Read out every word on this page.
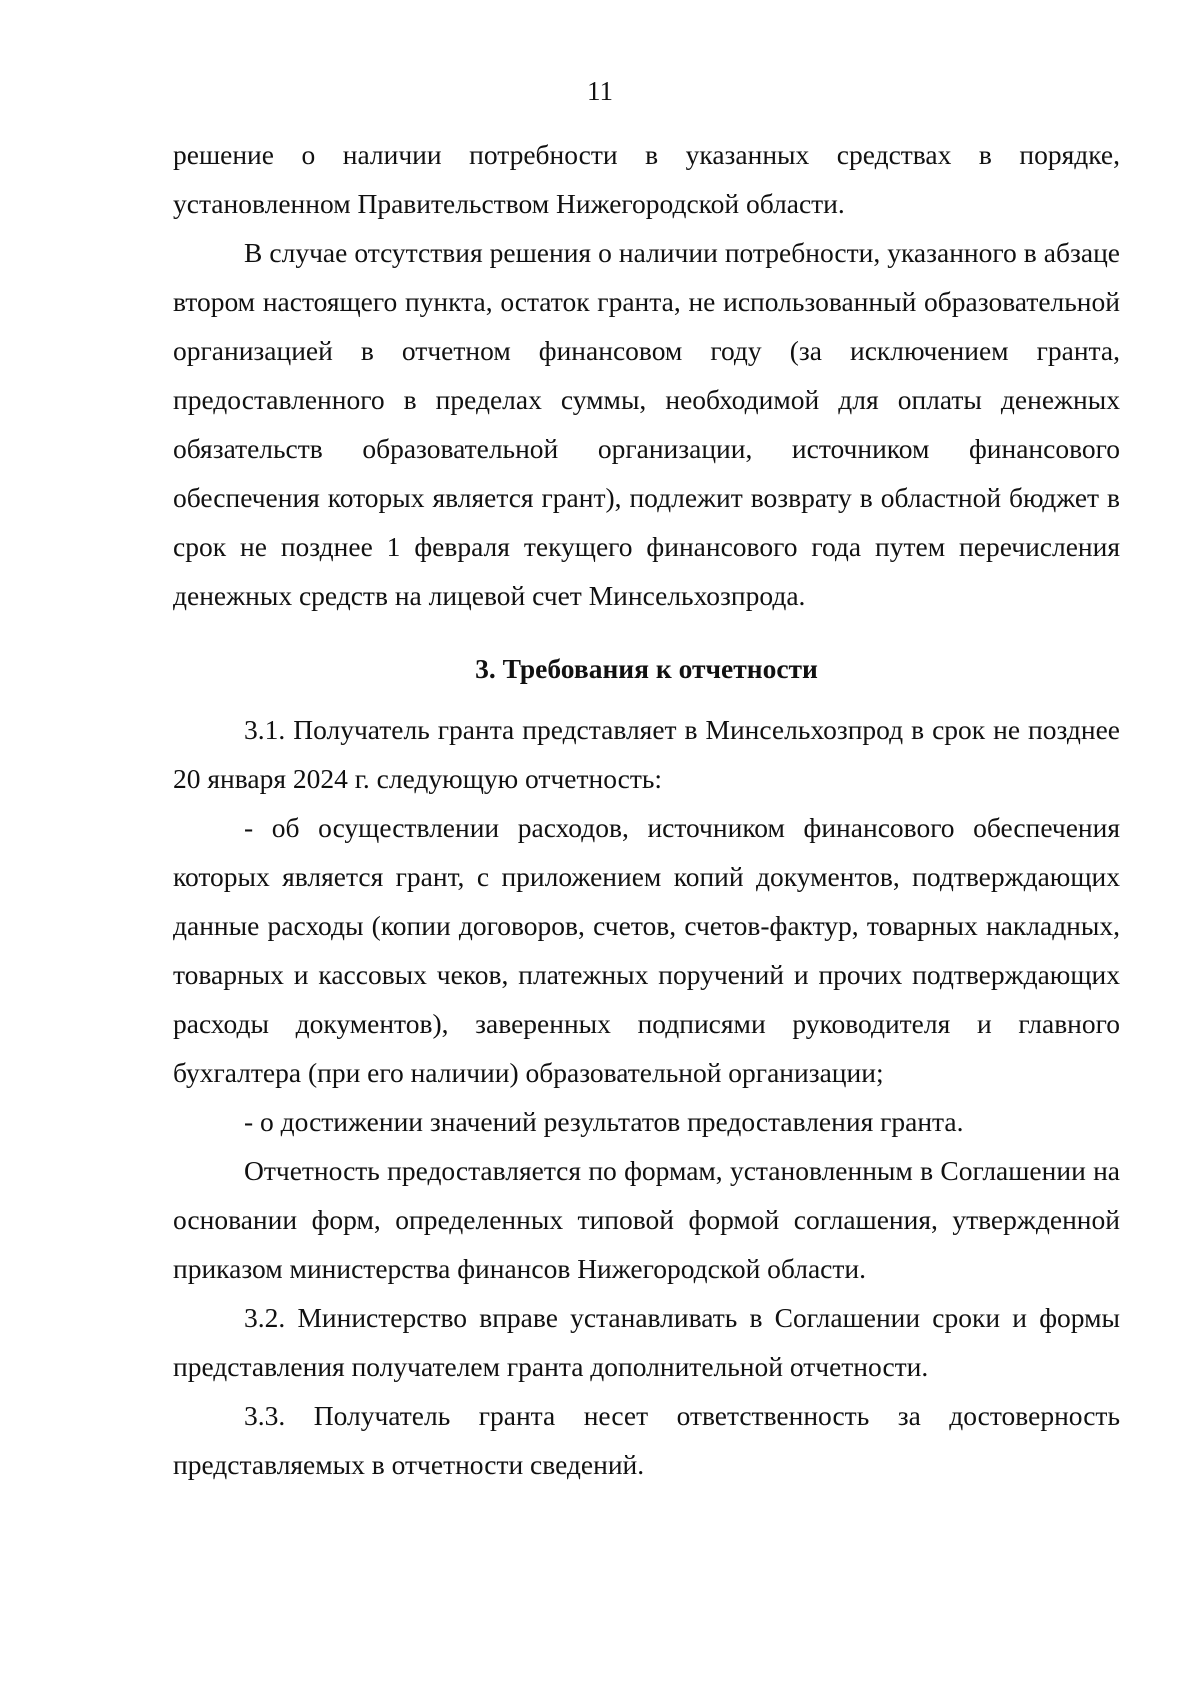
11

решение о наличии потребности в указанных средствах в порядке, установленном Правительством Нижегородской области.

В случае отсутствия решения о наличии потребности, указанного в абзаце втором настоящего пункта, остаток гранта, не использованный образовательной организацией в отчетном финансовом году (за исключением гранта, предоставленного в пределах суммы, необходимой для оплаты денежных обязательств образовательной организации, источником финансового обеспечения которых является грант), подлежит возврату в областной бюджет в срок не позднее 1 февраля текущего финансового года путем перечисления денежных средств на лицевой счет Минсельхозпрода.

3. Требования к отчетности

3.1. Получатель гранта представляет в Минсельхозпрод в срок не позднее 20 января 2024 г. следующую отчетность:

- об осуществлении расходов, источником финансового обеспечения которых является грант, с приложением копий документов, подтверждающих данные расходы (копии договоров, счетов, счетов-фактур, товарных накладных, товарных и кассовых чеков, платежных поручений и прочих подтверждающих расходы документов), заверенных подписями руководителя и главного бухгалтера (при его наличии) образовательной организации;

- о достижении значений результатов предоставления гранта.

Отчетность предоставляется по формам, установленным в Соглашении на основании форм, определенных типовой формой соглашения, утвержденной приказом министерства финансов Нижегородской области.

3.2. Министерство вправе устанавливать в Соглашении сроки и формы представления получателем гранта дополнительной отчетности.

3.3. Получатель гранта несет ответственность за достоверность представляемых в отчетности сведений.
